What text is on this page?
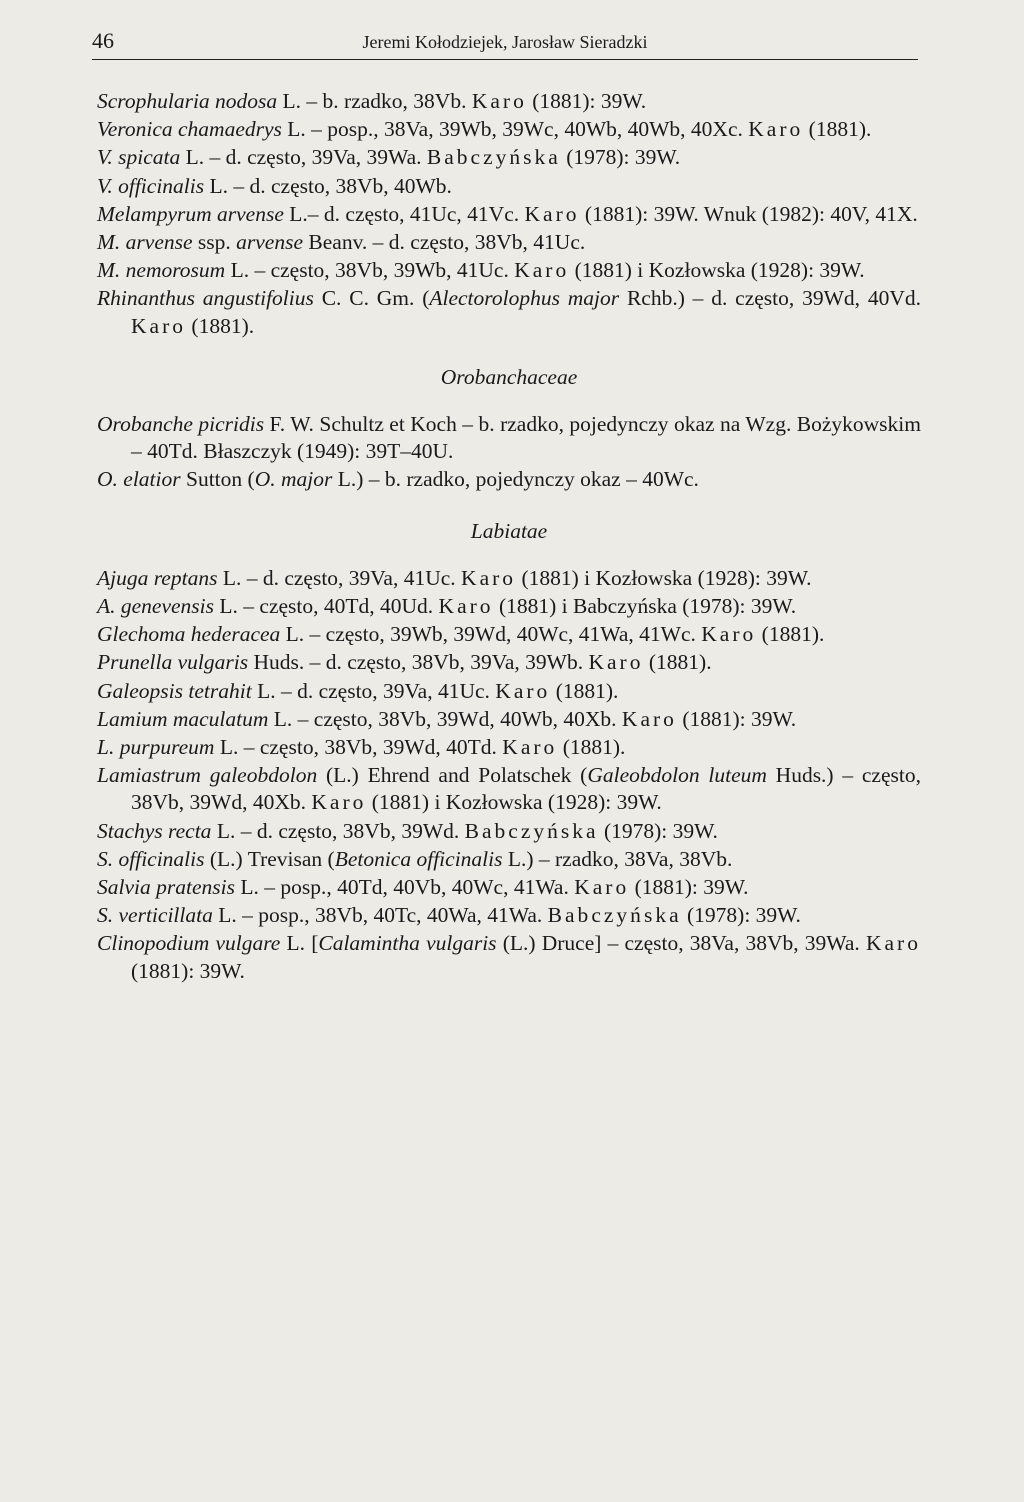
46	Jeremi Kołodziejek, Jarosław Sieradzki
Scrophularia nodosa L. – b. rzadko, 38Vb. Karo (1881): 39W.
Veronica chamaedrys L. – posp., 38Va, 39Wb, 39Wc, 40Wb, 40Wb, 40Xc. Karo (1881).
V. spicata L. – d. często, 39Va, 39Wa. Babczyńska (1978): 39W.
V. officinalis L. – d. często, 38Vb, 40Wb.
Melampyrum arvense L.– d. często, 41Uc, 41Vc. Karo (1881): 39W. Wnuk (1982): 40V, 41X.
M. arvense ssp. arvense Beanv. – d. często, 38Vb, 41Uc.
M. nemorosum L. – często, 38Vb, 39Wb, 41Uc. Karo (1881) i Kozłowska (1928): 39W.
Rhinanthus angustifolius C. C. Gm. (Alectorolophus major Rchb.) – d. często, 39Wd, 40Vd. Karo (1881).
Orobanchaceae
Orobanche picridis F. W. Schultz et Koch – b. rzadko, pojedynczy okaz na Wzg. Bożykowskim – 40Td. Błaszczyk (1949): 39T–40U.
O. elatior Sutton (O. major L.) – b. rzadko, pojedynczy okaz – 40Wc.
Labiatae
Ajuga reptans L. – d. często, 39Va, 41Uc. Karo (1881) i Kozłowska (1928): 39W.
A. genevensis L. – często, 40Td, 40Ud. Karo (1881) i Babczyńska (1978): 39W.
Glechoma hederacea L. – często, 39Wb, 39Wd, 40Wc, 41Wa, 41Wc. Karo (1881).
Prunella vulgaris Huds. – d. często, 38Vb, 39Va, 39Wb. Karo (1881).
Galeopsis tetrahit L. – d. często, 39Va, 41Uc. Karo (1881).
Lamium maculatum L. – często, 38Vb, 39Wd, 40Wb, 40Xb. Karo (1881): 39W.
L. purpureum L. – często, 38Vb, 39Wd, 40Td. Karo (1881).
Lamiastrum galeobdolon (L.) Ehrend and Polatschek (Galeobdolon luteum Huds.) – często, 38Vb, 39Wd, 40Xb. Karo (1881) i Kozłowska (1928): 39W.
Stachys recta L. – d. często, 38Vb, 39Wd. Babczyńska (1978): 39W.
S. officinalis (L.) Trevisan (Betonica officinalis L.) – rzadko, 38Va, 38Vb.
Salvia pratensis L. – posp., 40Td, 40Vb, 40Wc, 41Wa. Karo (1881): 39W.
S. verticillata L. – posp., 38Vb, 40Tc, 40Wa, 41Wa. Babczyńska (1978): 39W.
Clinopodium vulgare L. [Calamintha vulgaris (L.) Druce] – często, 38Va, 38Vb, 39Wa. Karo (1881): 39W.
